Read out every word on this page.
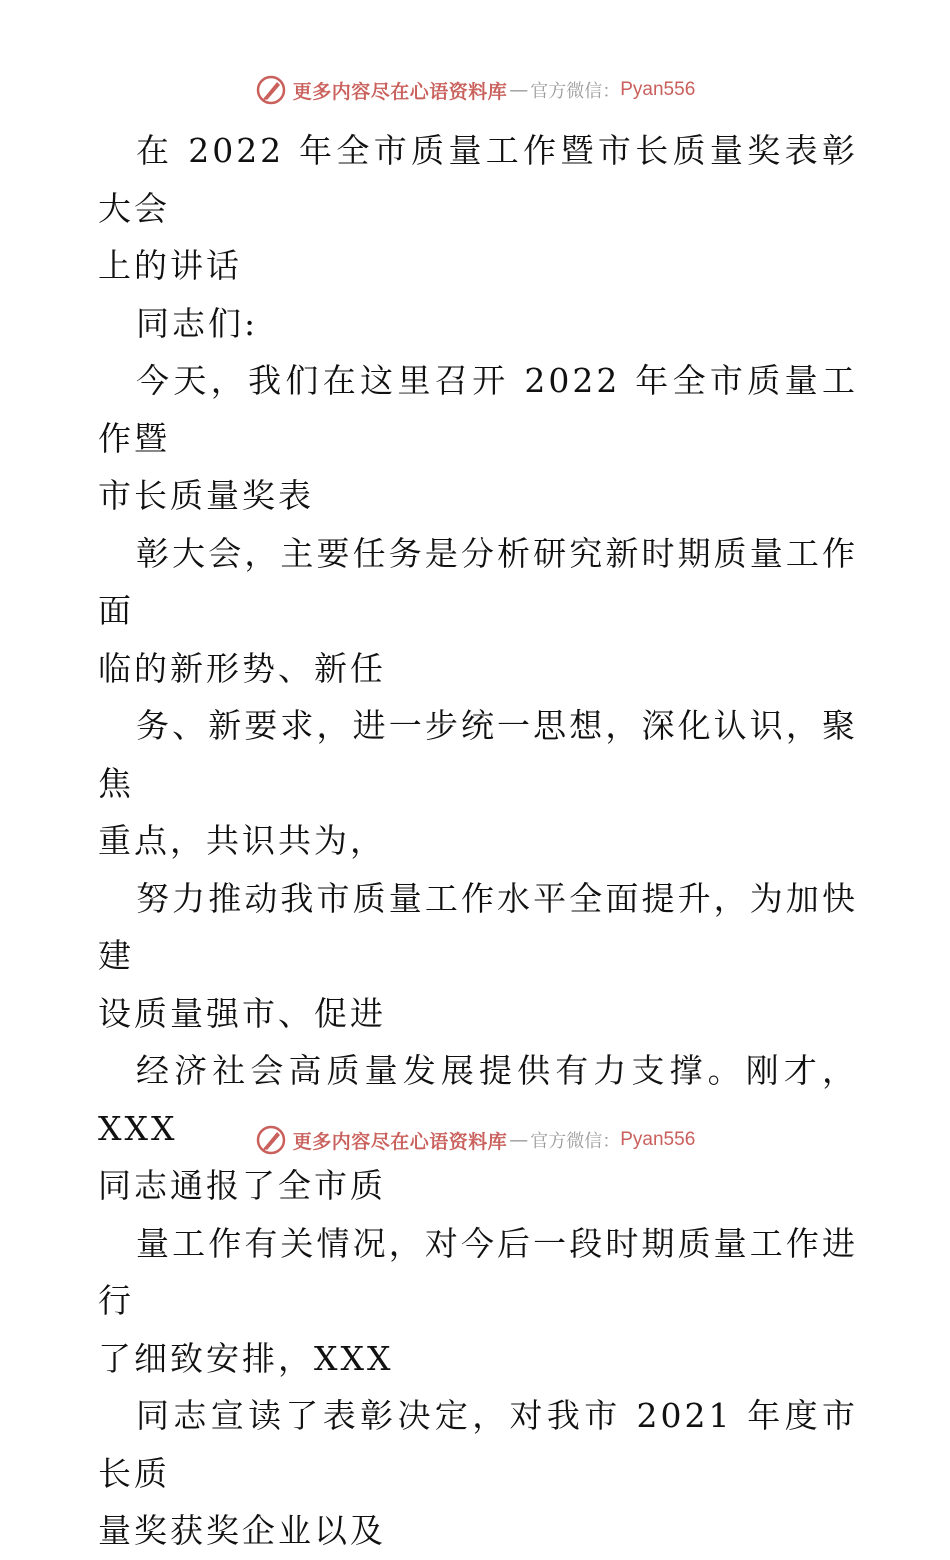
更多内容尽在心语资料库 — 官方微信： Pyan556

在 2022 年全市质量工作暨市长质量奖表彰大会
上的讲话

同志们:

今天，我们在这里召开 2022 年全市质量工作暨
市长质量奖表

彰大会，主要任务是分析研究新时期质量工作面
临的新形势、新任

务、新要求，进一步统一思想，深化认识，聚焦
重点，共识共为，

努力推动我市质量工作水平全面提升，为加快建
设质量强市、促进

经济社会高质量发展提供有力支撑。刚才，XXX
同志通报了全市质

量工作有关情况，对今后一段时期质量工作进行
了细致安排，XXX

同志宣读了表彰决定，对我市 2021 年度市长质
量奖获奖企业以及

更多内容尽在心语资料库 — 官方微信： Pyan556
